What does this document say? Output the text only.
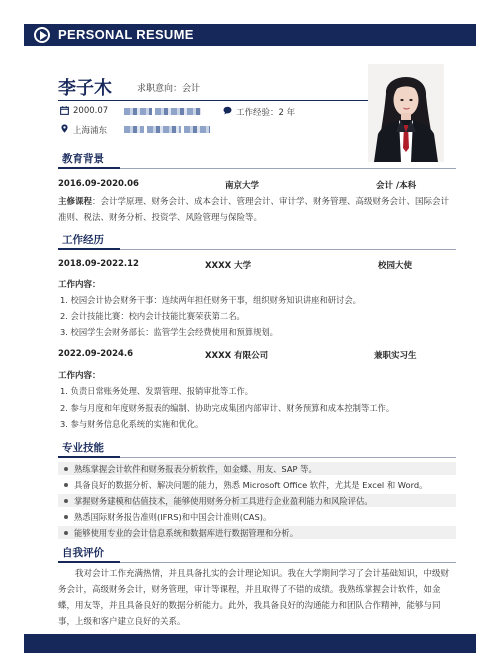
PERSONAL RESUME
李子木	求职意向：会计
2000.07	工作经验：2 年
上海浦东
教育背景
2016.09-2020.06	南京大学	会计 /本科
主修课程：会计学原理、财务会计、成本会计、管理会计、审计学、财务管理、高级财务会计、国际会计
准则、税法、财务分析、投资学、风险管理与保险等。
工作经历
2018.09-2022.12	XXXX 大学	校园大使
工作内容：
1. 校园会计协会财务干事：连续两年担任财务干事，组织财务知识讲座和研讨会。
2. 会计技能比赛：校内会计技能比赛荣获第二名。
3. 校园学生会财务部长：监管学生会经费使用和预算规划。
2022.09-2024.6	XXXX 有限公司	兼职实习生
工作内容：
1. 负责日常账务处理、发票管理、报销审批等工作。
2. 参与月度和年度财务报表的编制、协助完成集团内部审计、财务预算和成本控制等工作。
3. 参与财务信息化系统的实施和优化。
专业技能
熟练掌握会计软件和财务报表分析软件，如金蝶、用友、SAP 等。
具备良好的数据分析、解决问题的能力，熟悉 Microsoft Office 软件，尤其是 Excel 和 Word。
掌握财务建模和估值技术，能够使用财务分析工具进行企业盈利能力和风险评估。
熟悉国际财务报告准则(IFRS)和中国会计准则(CAS)。
能够使用专业的会计信息系统和数据库进行数据管理和分析。
自我评价
我对会计工作充满热情，并且具备扎实的会计理论知识。我在大学期间学习了会计基础知识，中级财务会计，高级财务会计，财务管理，审计等课程，并且取得了不错的成绩。我熟练掌握会计软件，如金蝶，用友等，并且具备良好的数据分析能力。此外，我具备良好的沟通能力和团队合作精神，能够与同事，上级和客户建立良好的关系。
